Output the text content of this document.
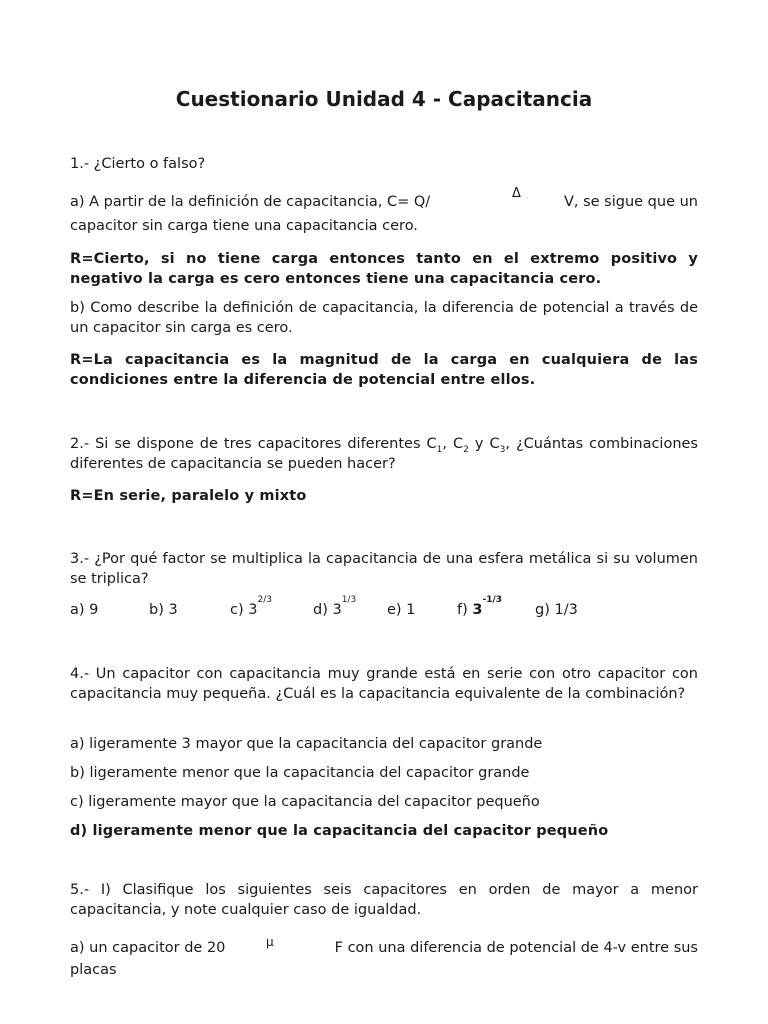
Cuestionario Unidad 4 - Capacitancia
1.- ¿Cierto o falso?
a) A partir de la definición de capacitancia, C= Q/
Δ
V, se sigue que un
capacitor sin carga tiene una capacitancia cero.
R=Cierto, si no tiene carga entonces tanto en el extremo positivo y negativo la carga es cero entonces tiene una capacitancia cero.
b) Como describe la definición de capacitancia, la diferencia de potencial a través de un capacitor sin carga es cero.
R=La capacitancia es la magnitud de la carga en cualquiera de las condiciones entre la diferencia de potencial entre ellos.
2.- Si se dispone de tres capacitores diferentes $C_1$, $C_2$ y $C_3$, ¿Cuántas combinaciones diferentes de capacitancia se pueden hacer?
R=En serie, paralelo y mixto
3.- ¿Por qué factor se multiplica la capacitancia de una esfera metálica si su volumen se triplica?
a) 9	b) 3	c) $3^{2/3}$
d) $3^{1/3}$
e) 1	f) $3^{-1/3}$
g) 1/3
4.- Un capacitor con capacitancia muy grande está en serie con otro capacitor con capacitancia muy pequeña. ¿Cuál es la capacitancia equivalente de la combinación?
a) ligeramente 3 mayor que la capacitancia del capacitor grande
b) ligeramente menor que la capacitancia del capacitor grande
c) ligeramente mayor que la capacitancia del capacitor pequeño
d) ligeramente menor que la capacitancia del capacitor pequeño
5.- I) Clasifique los siguientes seis capacitores en orden de mayor a menor capacitancia, y note cualquier caso de igualdad.
a) un capacitor de 20	μ	F con una diferencia de potencial de 4-v entre sus
placas
